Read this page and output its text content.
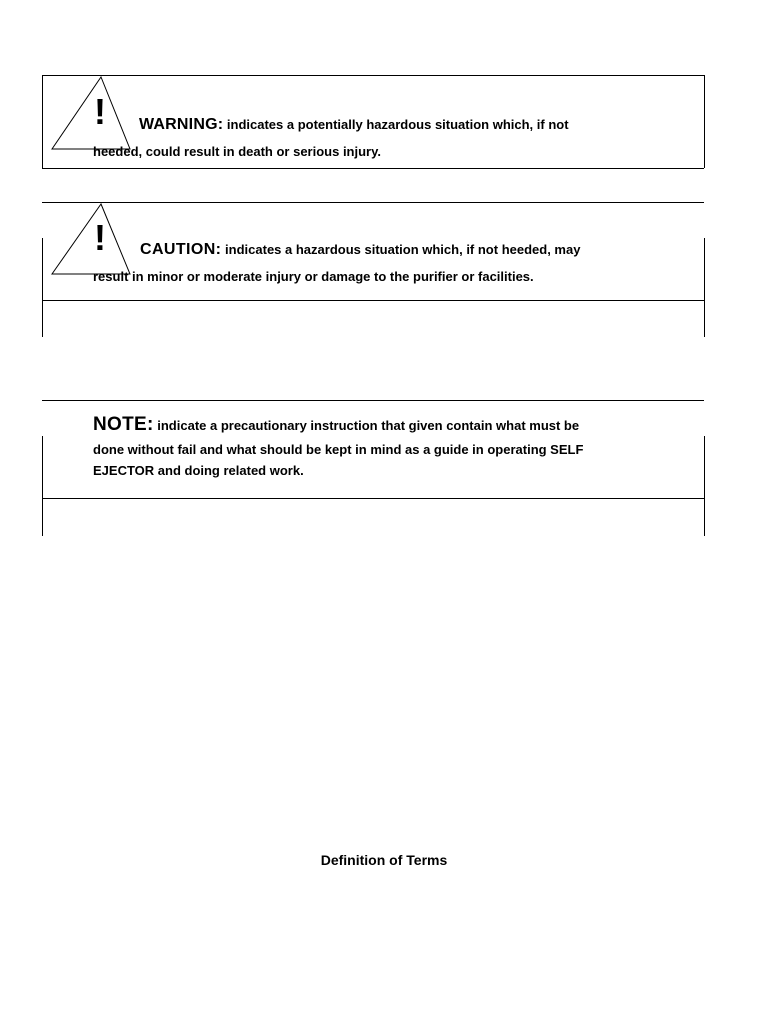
! WARNING: indicates a potentially hazardous situation which, if not

heeded, could result in death or serious injury.

! CAUTION: indicates a hazardous situation which, if not heeded, may

result in minor or moderate injury or damage to the purifier or facilities.

NOTE: indicate a precautionary instruction that given contain what must be

done without fail and what should be kept in mind as a guide in operating SELF

EJECTOR and doing related work.

Definition of Terms
